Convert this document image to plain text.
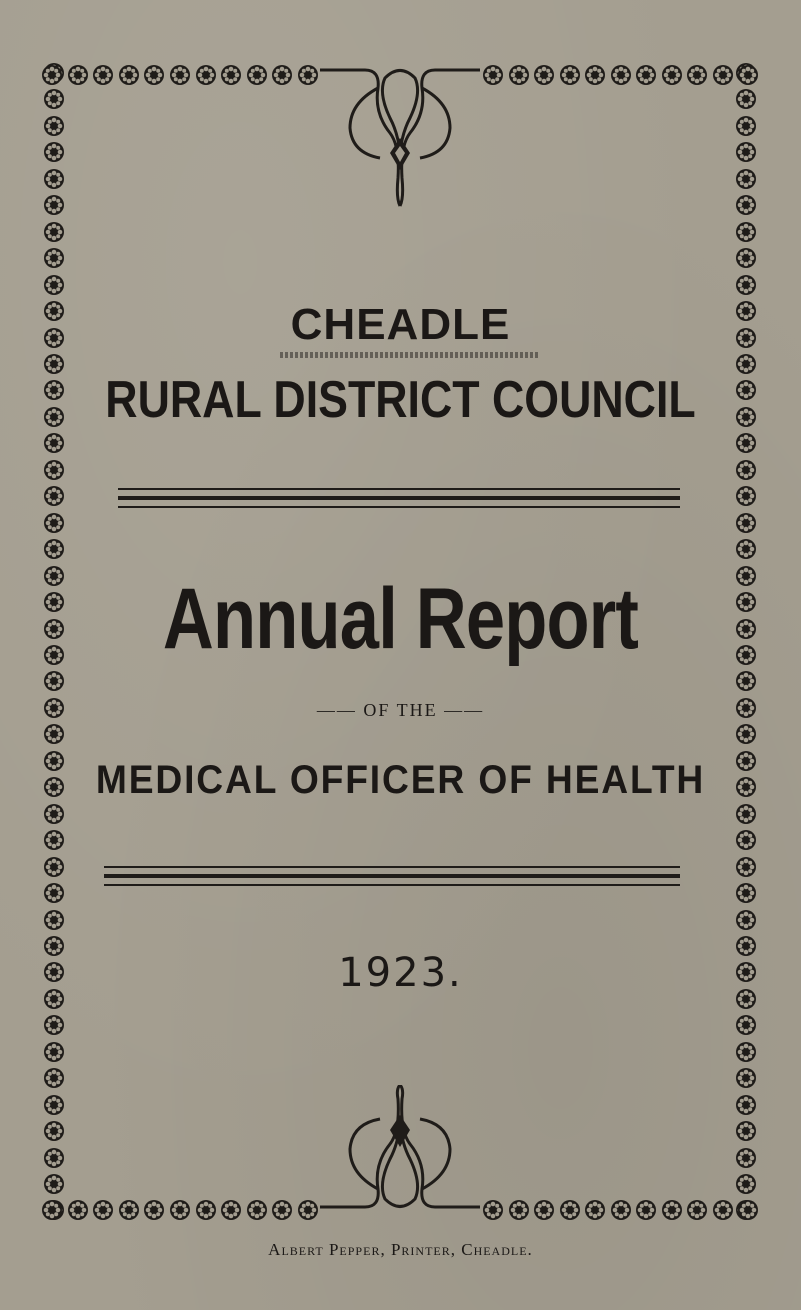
CHEADLE
RURAL DISTRICT COUNCIL
Annual Report
—— OF THE ——
MEDICAL OFFICER OF HEALTH
1923.
Albert Pepper, Printer, Cheadle.
